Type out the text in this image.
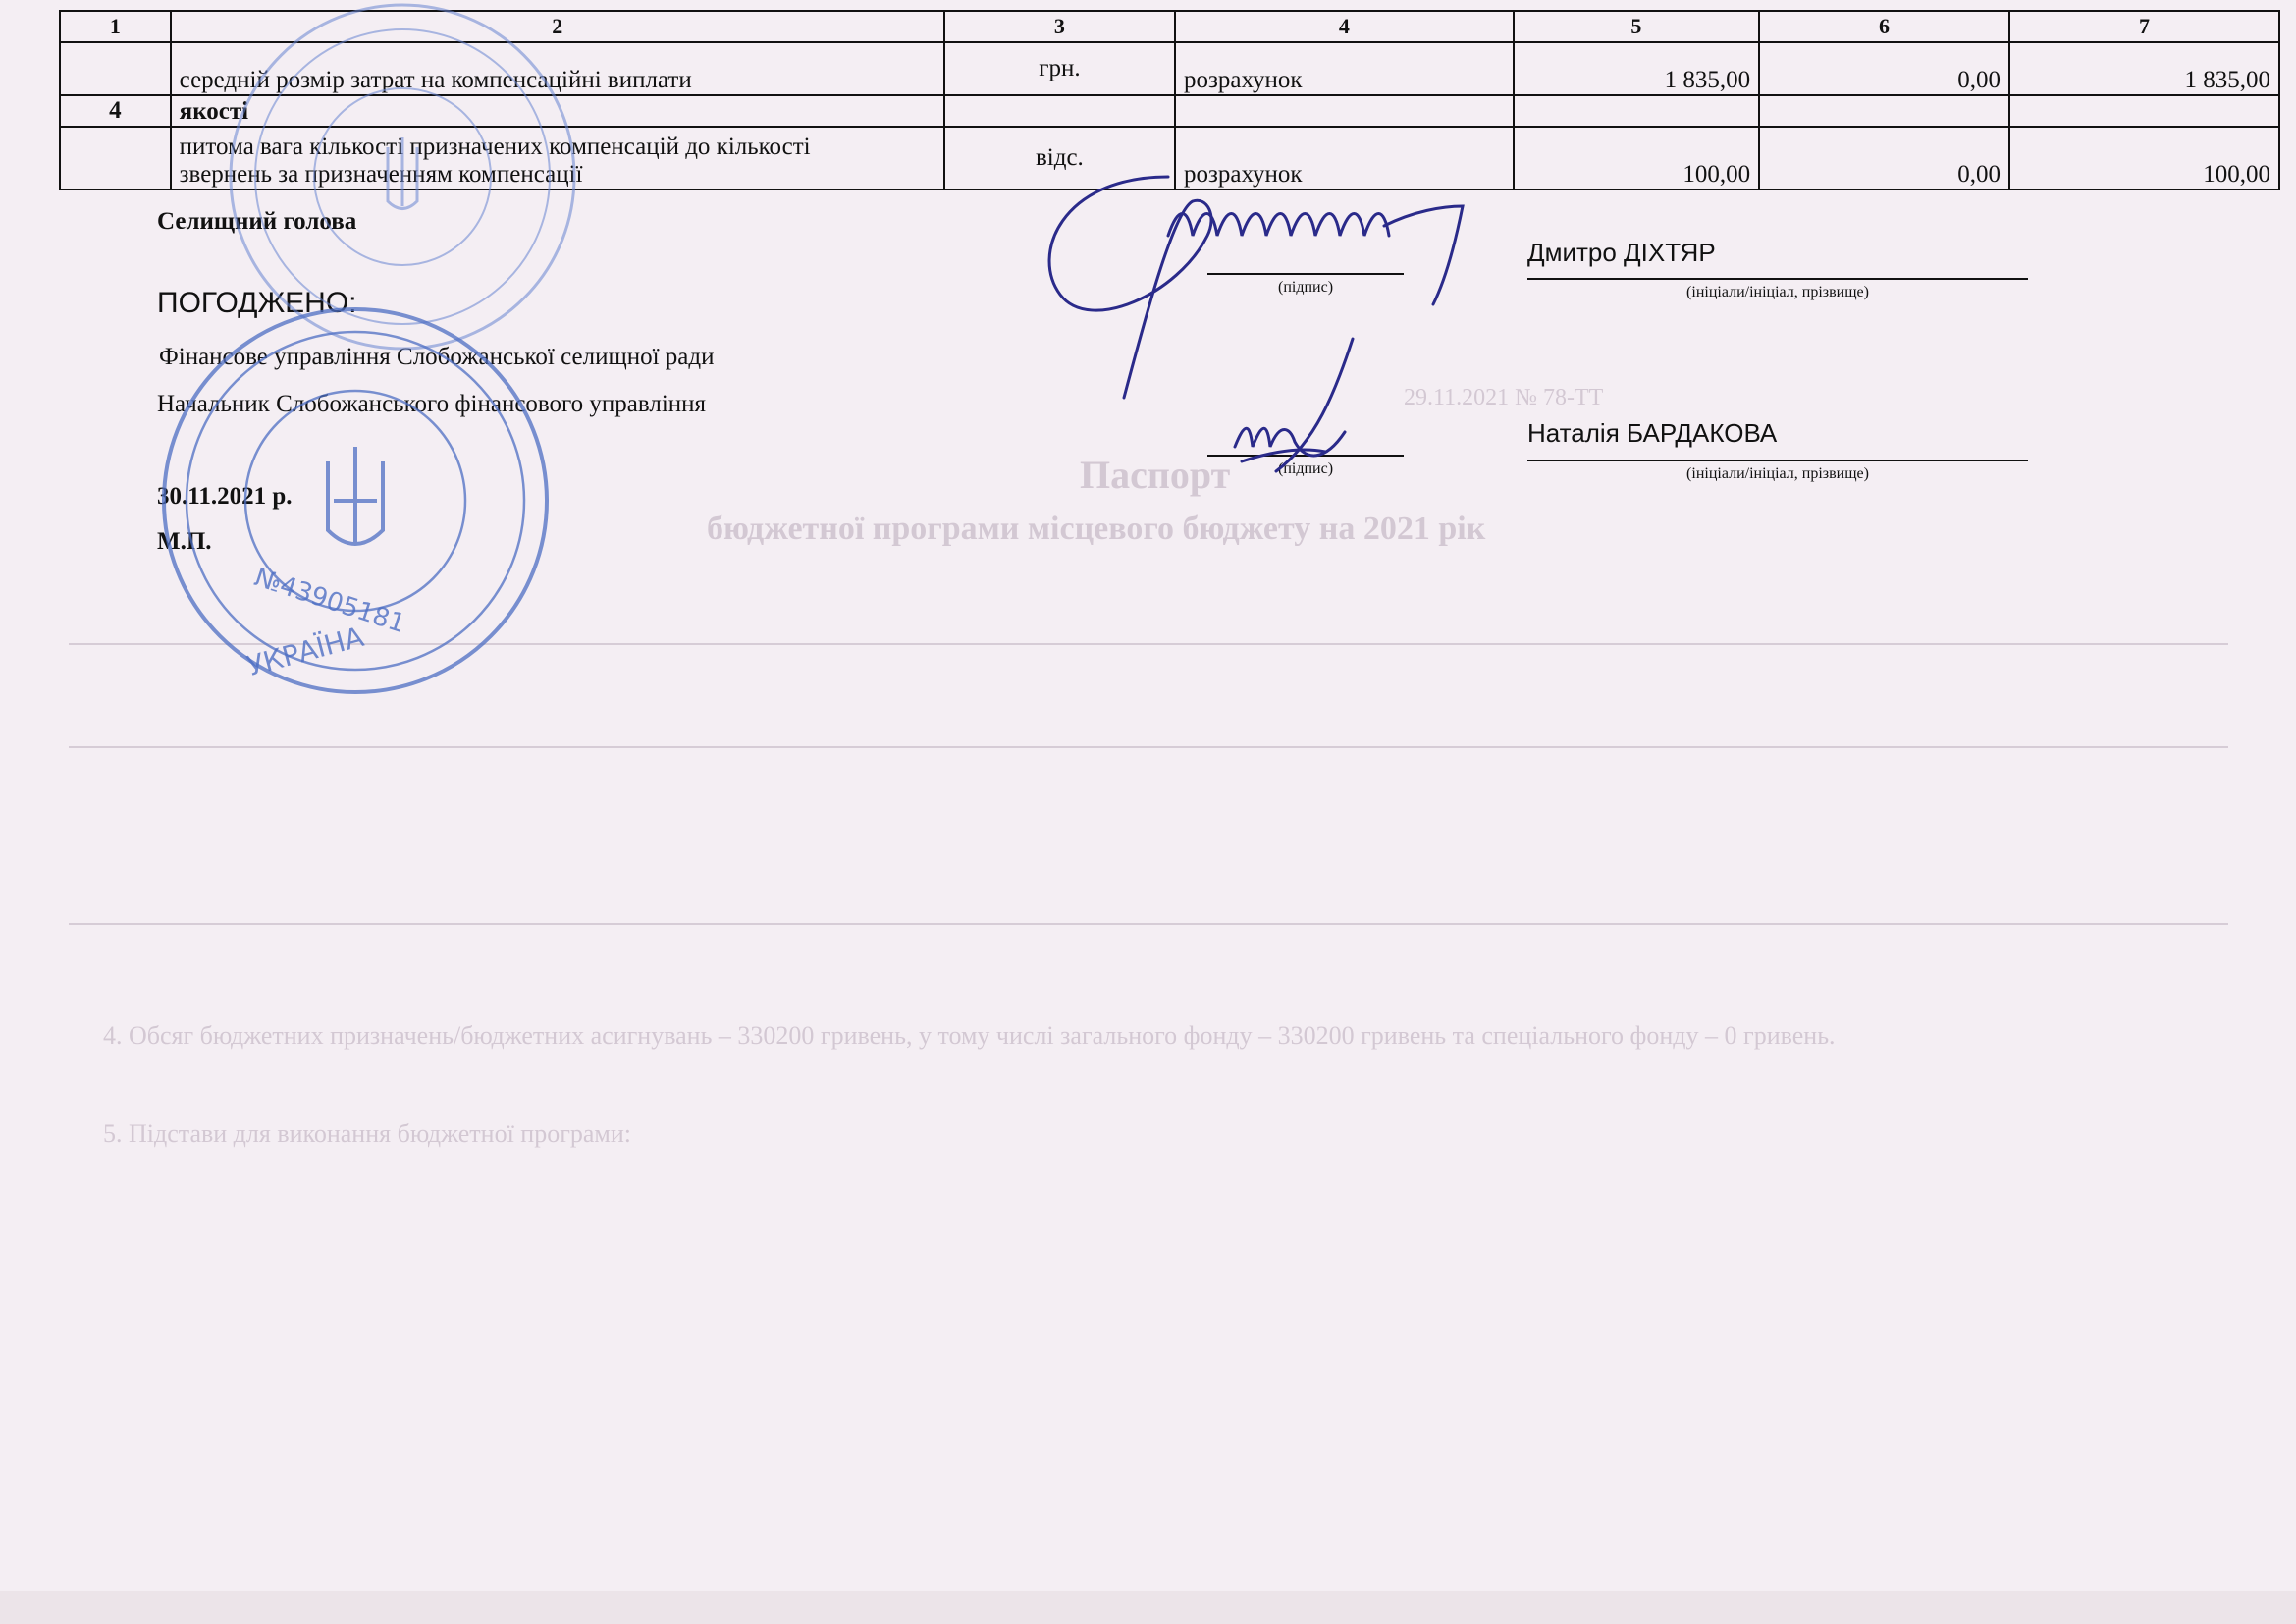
Паспорт
бюджетної програми місцевого бюджету на 2021 рік
29.11.2021 № 78-ТТ
4. Обсяг бюджетних призначень/бюджетних асигнувань – 330200 гривень, у тому числі загального фонду – 330200 гривень та спеціального фонду – 0 гривень.
5. Підстави для виконання бюджетної програми:
1	2	3	4	5	6	7
	середній розмір затрат на компенсаційні виплати	грн.	розрахунок	1 835,00	0,00	1 835,00
4	якості					
	питома вага кількості призначених компенсацій до кількості
звернень за призначенням компенсації	відс.	розрахунок	100,00	0,00	100,00
Селищний голова
(підпис)
Дмитро ДІХТЯР
(ініціали/ініціал, прізвище)
ПОГОДЖЕНО:
Фінансове управління Слобожанської селищної ради
Начальник Слобожанського фінансового управління
(підпис)
Наталія БАРДАКОВА
(ініціали/ініціал, прізвище)
30.11.2021 р.
М.П.
№43905181
УКРАЇНА
